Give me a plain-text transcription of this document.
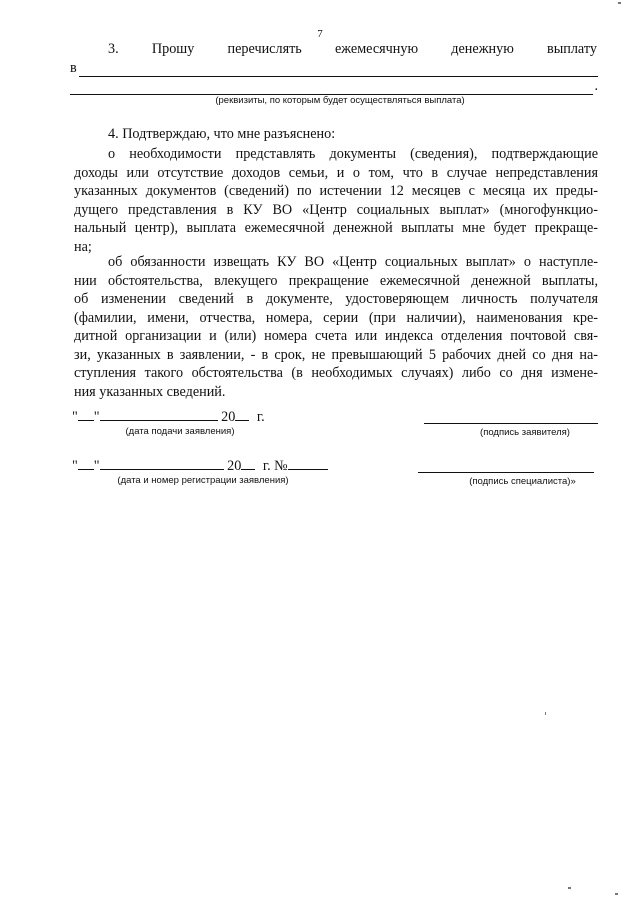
7
3. Прошу перечислять ежемесячную денежную выплату
в
.
(реквизиты, по которым будет осуществляться выплата)
4. Подтверждаю, что мне разъяснено:
о необходимости представлять документы (сведения), подтверждающие
доходы или отсутствие доходов семьи, и о том, что в случае непредставления
указанных документов (сведений) по истечении 12 месяцев с месяца их преды-
дущего представления в КУ ВО «Центр социальных выплат» (многофункцио-
нальный центр), выплата ежемесячной денежной выплаты мне будет прекраще-
на;
об обязанности извещать КУ ВО «Центр социальных выплат» о наступле-
нии обстоятельства, влекущего прекращение ежемесячной денежной выплаты,
об изменении сведений в документе, удостоверяющем личность получателя
(фамилии, имени, отчества, номера, серии (при наличии), наименования кре-
дитной организации и (или) номера счета или индекса отделения почтовой свя-
зи, указанных в заявлении, - в срок, не превышающий 5 рабочих дней со дня на-
ступления такого обстоятельства (в необходимых случаях) либо со дня измене-
ния указанных сведений.
" "	20 г.
(дата подачи заявления)	(подпись заявителя)
" "	20 г. №
(дата и номер регистрации заявления)	(подпись специалиста)»
